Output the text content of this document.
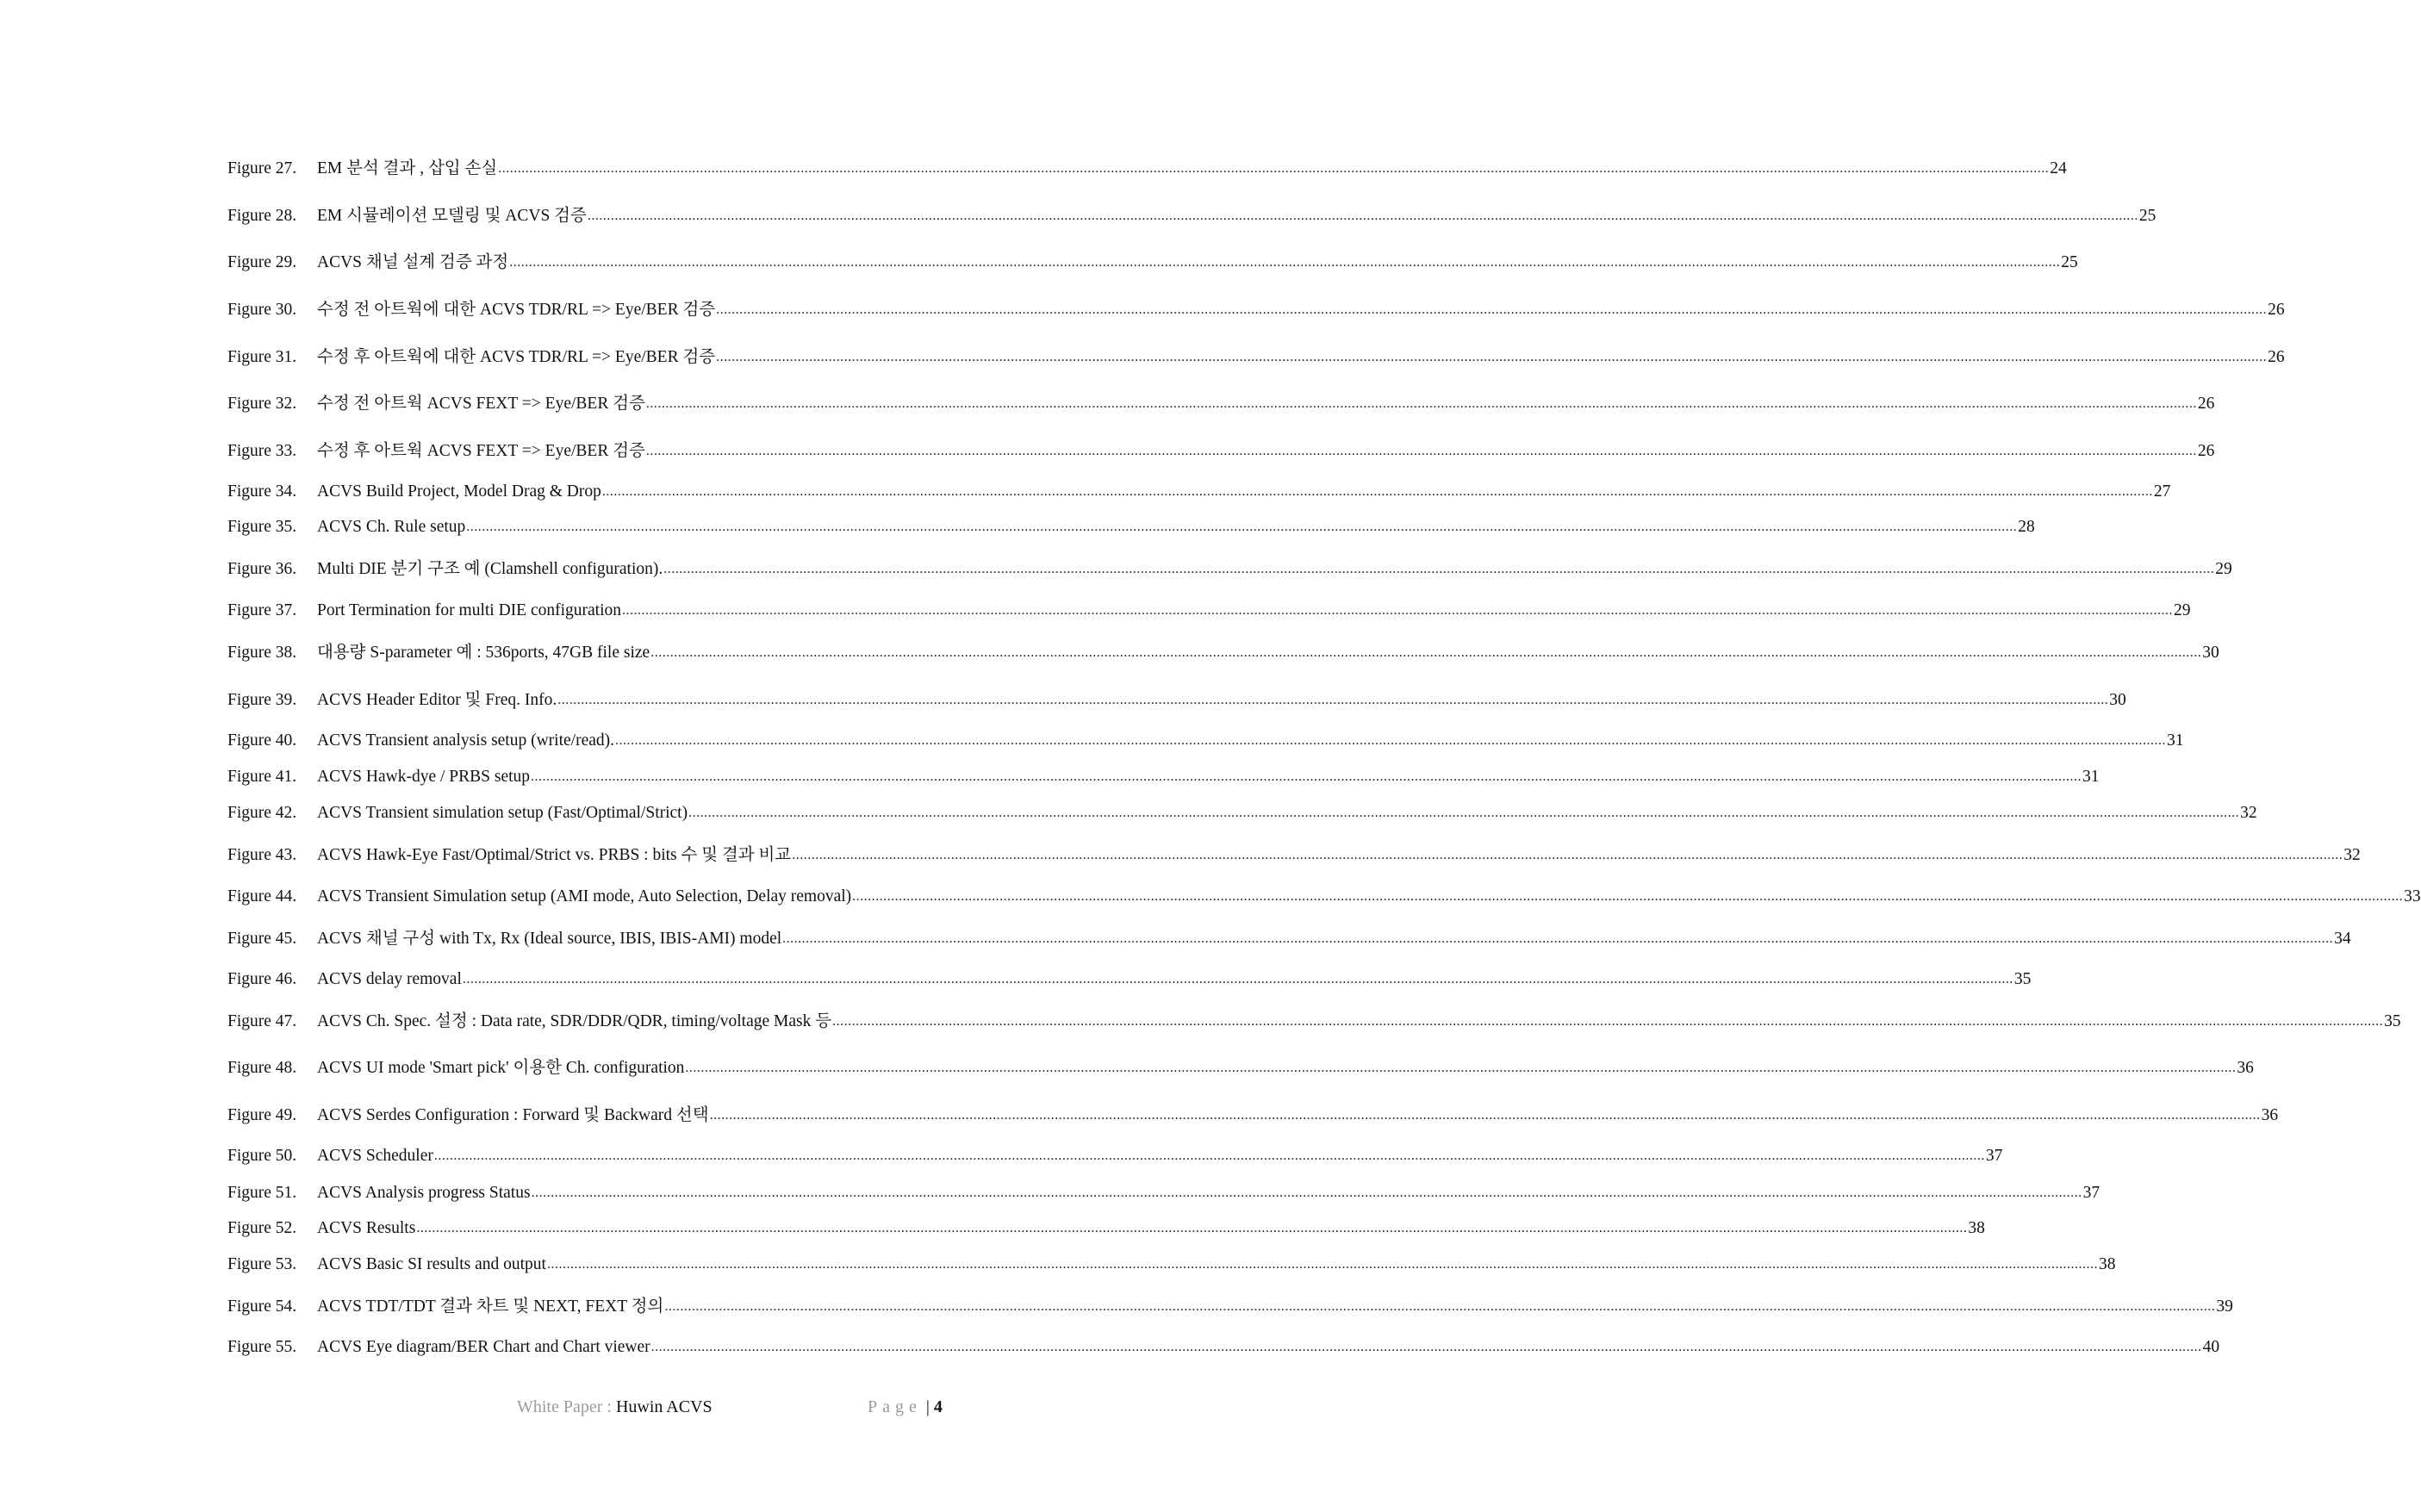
Figure 27.	EM 분석 결과 , 삽입 손실 ................................................................................................................................................................................................................................................................................................................................................................................................................ 24
Figure 28.	EM 시뮬레이션 모델링 및 ACVS 검증 ................................................................................................................................................................................................................................................................................................................................................................................................................ 25
Figure 29.	ACVS 채널 설계 검증 과정 ................................................................................................................................................................................................................................................................................................................................................................................................................ 25
Figure 30.	수정 전 아트웍에 대한 ACVS TDR/RL => Eye/BER 검증 ................................................................................................................................................................................................................................................................................................................................................................................................................ 26
Figure 31.	수정 후 아트웍에 대한 ACVS TDR/RL => Eye/BER 검증 ................................................................................................................................................................................................................................................................................................................................................................................................................ 26
Figure 32.	수정 전 아트웍 ACVS FEXT => Eye/BER 검증 ................................................................................................................................................................................................................................................................................................................................................................................................................ 26
Figure 33.	수정 후 아트웍 ACVS FEXT => Eye/BER 검증 ................................................................................................................................................................................................................................................................................................................................................................................................................ 26
Figure 34.	ACVS Build Project, Model Drag & Drop ................................................................................................................................................................................................................................................................................................................................................................................................................ 27
Figure 35.	ACVS Ch. Rule setup ................................................................................................................................................................................................................................................................................................................................................................................................................ 28
Figure 36.	Multi DIE 분기 구조 예 (Clamshell configuration). ................................................................................................................................................................................................................................................................................................................................................................................................................ 29
Figure 37.	Port Termination for multi DIE configuration ................................................................................................................................................................................................................................................................................................................................................................................................................ 29
Figure 38.	대용량 S-parameter 예 : 536ports, 47GB file size ................................................................................................................................................................................................................................................................................................................................................................................................................ 30
Figure 39.	ACVS Header Editor 및 Freq. Info. ................................................................................................................................................................................................................................................................................................................................................................................................................ 30
Figure 40.	ACVS Transient analysis setup (write/read). ................................................................................................................................................................................................................................................................................................................................................................................................................ 31
Figure 41.	ACVS Hawk-dye / PRBS setup ................................................................................................................................................................................................................................................................................................................................................................................................................ 31
Figure 42.	ACVS Transient simulation setup (Fast/Optimal/Strict) ................................................................................................................................................................................................................................................................................................................................................................................................................ 32
Figure 43.	ACVS Hawk-Eye Fast/Optimal/Strict vs. PRBS : bits 수 및 결과 비교 ................................................................................................................................................................................................................................................................................................................................................................................................................ 32
Figure 44.	ACVS Transient Simulation setup (AMI mode, Auto Selection, Delay removal) ................................................................................................................................................................................................................................................................................................................................................................................................................ 33
Figure 45.	ACVS 채널 구성 with Tx, Rx (Ideal source, IBIS, IBIS-AMI) model ................................................................................................................................................................................................................................................................................................................................................................................................................ 34
Figure 46.	ACVS delay removal ................................................................................................................................................................................................................................................................................................................................................................................................................ 35
Figure 47.	ACVS Ch. Spec. 설정 : Data rate, SDR/DDR/QDR, timing/voltage Mask 등 ................................................................................................................................................................................................................................................................................................................................................................................................................ 35
Figure 48.	ACVS UI mode 'Smart pick' 이용한 Ch. configuration ................................................................................................................................................................................................................................................................................................................................................................................................................ 36
Figure 49.	ACVS Serdes Configuration : Forward 및 Backward 선택 ................................................................................................................................................................................................................................................................................................................................................................................................................ 36
Figure 50.	ACVS Scheduler ................................................................................................................................................................................................................................................................................................................................................................................................................ 37
Figure 51.	ACVS Analysis progress Status ................................................................................................................................................................................................................................................................................................................................................................................................................ 37
Figure 52.	ACVS Results ................................................................................................................................................................................................................................................................................................................................................................................................................ 38
Figure 53.	ACVS Basic SI results and output ................................................................................................................................................................................................................................................................................................................................................................................................................ 38
Figure 54.	ACVS TDT/TDT 결과 차트 및 NEXT, FEXT 정의 ................................................................................................................................................................................................................................................................................................................................................................................................................ 39
Figure 55.	ACVS Eye diagram/BER Chart and Chart viewer ................................................................................................................................................................................................................................................................................................................................................................................................................ 40
White Paper : Huwin ACVS	Page | 4
